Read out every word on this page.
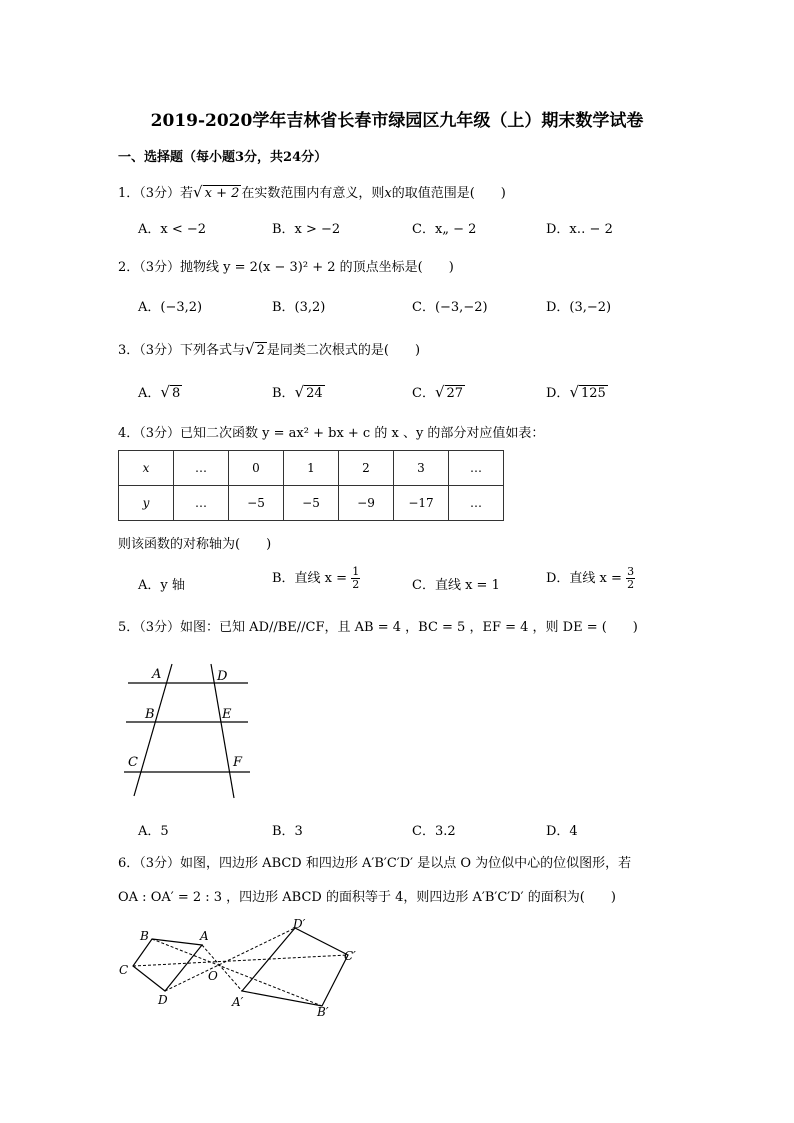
2019-2020学年吉林省长春市绿园区九年级（上）期末数学试卷
一、选择题（每小题3分，共24分）
1．（3分）若√ x + 2 在实数范围内有意义，则x的取值范围是(　　)
A．x < −2	B．x > −2	C．x„ − 2	D．x‥ − 2
2．（3分）抛物线 y = 2(x − 3)² + 2 的顶点坐标是(　　)
A．(−3,2)	B．(3,2)	C．(−3,−2)	D．(3,−2)
3．（3分）下列各式与√ 2 是同类二次根式的是(　　)
A．√ 8	B．√ 24	C．√ 27	D．√ 125
4．（3分）已知二次函数 y = ax² + bx + c 的 x 、y 的部分对应值如表：
x	…	0	1	2	3	…
y	…	−5	−5	−9	−17	…
则该函数的对称轴为(　　)
A．y 轴	B．直线 $x = \frac{1}{2}$	C．直线 x = 1	D．直线 $x = \frac{3}{2}$
5．（3分）如图：已知 AD//BE//CF，且 AB = 4 ，BC = 5 ，EF = 4 ，则 DE = (　　)
A	D
B	E
C	F
A．5	B．3	C．3.2	D．4
6．（3分）如图，四边形 ABCD 和四边形 A′B′C′D′ 是以点 O 为位似中心的位似图形，若
OA : OA′ = 2 : 3 ，四边形 ABCD 的面积等于 4，则四边形 A′B′C′D′ 的面积为(　　)
B	A
C
D
O
D′
C′
A′
B′
